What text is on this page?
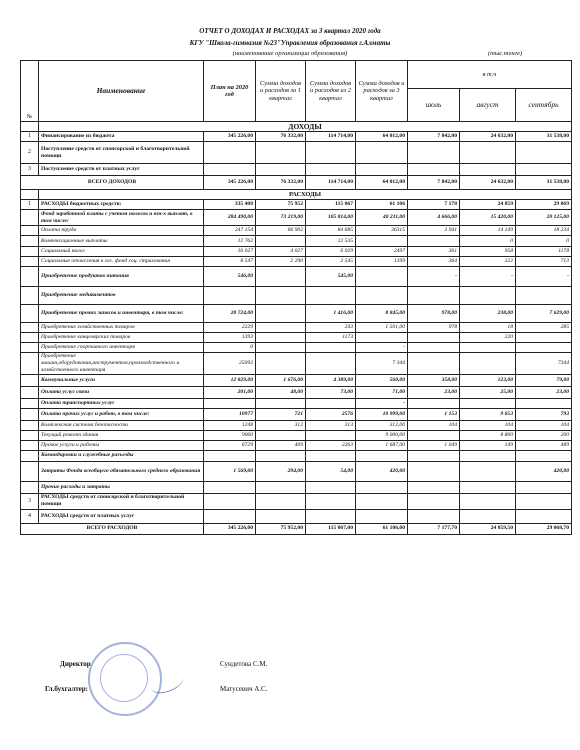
ОТЧЕТ О ДОХОДАХ И РАСХОДАХ за 3 квартал 2020 года
КГУ "Школа-гимназия №23"Управления образования г.Алматы
(наименование организации образования)	(тыс.тенге)
№	Наименование	План на 2020 год	Сумма доходов и расходов за 1 квартал	Сумма доходов и расходов из 2 квартал	Сумма доходов и расходов за 3 квартал	в т.ч		
						июль	август	сентябрь
	ДОХОДЫ							
1	Финансирование из бюджета	345 226,00	76 332,00	114 714,00	64 012,00	7 842,00	24 632,00	31 538,00
2	Поступление средств от спонсорской и благотворительной помощи							
3	Поступление средств от платных услуг							
ВСЕГО ДОХОДОВ		345 226,00	76 332,00	114 714,00	64 012,00	7 842,00	24 632,00	31 538,00
	РАСХОДЫ							
1	РАСХОДЫ бюджетных средств:	335 408	75 952	115 067	61 106	7 178	24 859	29 069
	Фонд заработной платы с учетом налогов и взн-х выплат, в том числе:	284 490,00	73 219,00	105 814,00	40 211,00	4 666,00	15 420,00	20 125,00
	Оплата труда	247 154	66 902	84 685	36315	3 941	14 149	18 234
	Компенсационные выплаты	12 762		12 535			0	0
	Социальный налог	16 027	4 027	6 029	2497	361	958	1178
	Социальные отчисления в гос. фонд соц. страхования	8 547	2 290	2 545	1399	364	322	713
	Приобретение продуктов питания	546,00		545,00		-	-	-
	Приобретение медикаментов							
	Приобретение прочих запасов и инвентаря, в том числе:	28 724,00		1 416,00	8 845,00	978,00	238,00	7 629,00
	Приобретение хозяйственных товаров	2229		243	1 501,00	978	18	285
	Приобретение канцелярских товаров	1393		1173			220	
	Приобретение спортивного инвентаря	0			-			
	Приобретение машин,оборудования,инструментов,производственного и хозяйственного инвентаря	25092			7 344			7344
	Коммунальные услуги	12 829,00	1 676,00	4 389,00	560,00	358,00	123,00	79,00
	Оплата услуг связи	201,00	48,00	73,00	71,00	23,00	25,00	23,00
	Оплата транспортных услуг				-			
	Оплата прочих услуг и работ, в том числе:	10977	721	2576	10 999,00	1 153	9 053	793
	Комплексная система безопасности	1248	312	313	312,00	104	104	104
	Текущий ремонт здания	9060			9 000,00		8 800	200
	Прочие услуги и работы	6729	409	2263	1 687,00	1 049	149	489
	Командировки и служебные разъезды							
	Затраты Фонда всеобщего обязательного среднего образования	1 569,00	294,00	54,00	420,00			420,00
	Прочие расходы и затраты							
3	РАСХОДЫ средств от спонсорской и благотворительной помощи							
4	РАСХОДЫ средств от платных услуг							
ВСЕГО РАСХОДОВ		345 226,00	75 952,00	115 067,00	61 106,00	7 177,70	24 859,50	29 068,70
Директор	Сундетова С.М.
Гл.бухгалтер:	Матусевич А.С.
